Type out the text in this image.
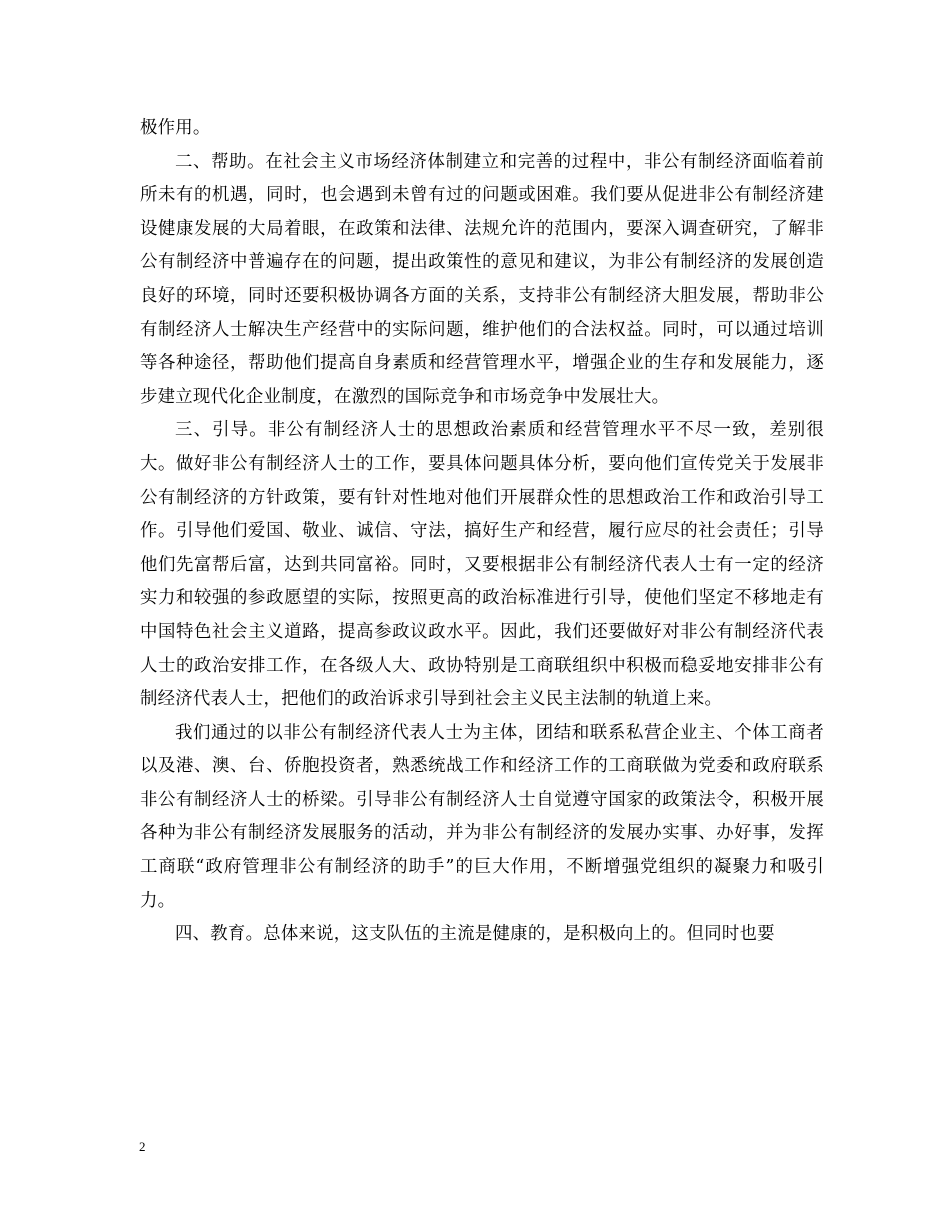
极作用。

二、帮助。在社会主义市场经济体制建立和完善的过程中，非公有制经济面临着前所未有的机遇，同时，也会遇到未曾有过的问题或困难。我们要从促进非公有制经济建设健康发展的大局着眼，在政策和法律、法规允许的范围内，要深入调查研究，了解非公有制经济中普遍存在的问题，提出政策性的意见和建议，为非公有制经济的发展创造良好的环境，同时还要积极协调各方面的关系，支持非公有制经济大胆发展，帮助非公有制经济人士解决生产经营中的实际问题，维护他们的合法权益。同时，可以通过培训等各种途径，帮助他们提高自身素质和经营管理水平，增强企业的生存和发展能力，逐步建立现代化企业制度，在激烈的国际竞争和市场竞争中发展壮大。

三、引导。非公有制经济人士的思想政治素质和经营管理水平不尽一致，差别很大。做好非公有制经济人士的工作，要具体问题具体分析，要向他们宣传党关于发展非公有制经济的方针政策，要有针对性地对他们开展群众性的思想政治工作和政治引导工作。引导他们爱国、敬业、诚信、守法，搞好生产和经营，履行应尽的社会责任；引导他们先富帮后富，达到共同富裕。同时，又要根据非公有制经济代表人士有一定的经济实力和较强的参政愿望的实际，按照更高的政治标准进行引导，使他们坚定不移地走有中国特色社会主义道路，提高参政议政水平。因此，我们还要做好对非公有制经济代表人士的政治安排工作，在各级人大、政协特别是工商联组织中积极而稳妥地安排非公有制经济代表人士，把他们的政治诉求引导到社会主义民主法制的轨道上来。

我们通过的以非公有制经济代表人士为主体，团结和联系私营企业主、个体工商者以及港、澳、台、侨胞投资者，熟悉统战工作和经济工作的工商联做为党委和政府联系非公有制经济人士的桥梁。引导非公有制经济人士自觉遵守国家的政策法令，积极开展各种为非公有制经济发展服务的活动，并为非公有制经济的发展办实事、办好事，发挥工商联“政府管理非公有制经济的助手”的巨大作用，不断增强党组织的凝聚力和吸引力。

四、教育。总体来说，这支队伍的主流是健康的，是积极向上的。但同时也要

2
